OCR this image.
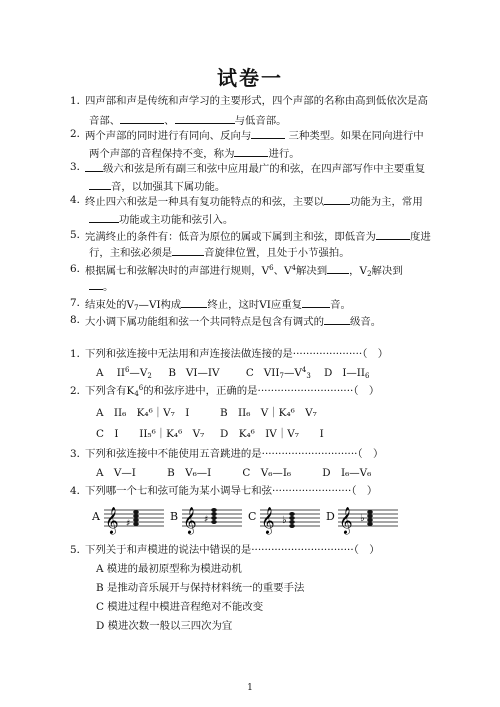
试卷一
1．
四声部和声是传统和声学习的主要形式，四个声部的名称由高到低依次是高
音部、	、	与低音部。
2．
两个声部的同时进行有同向、反向与	三种类型。如果在同向进行中
两个声部的音程保持不变，称为	进行。
3． 级六和弦是所有副三和弦中应用最广的和弦，在四声部写作中主要重复
音，以加强其下属功能。
4．
终止四六和弦是一种具有复功能特点的和弦，主要以	功能为主，常用
功能或主功能和弦引入。
5．
完满终止的条件有：低音为原位的属或下属到主和弦，即低音为	度进
行，主和弦必须是	音旋律位置，且处于小节强拍。
6．
根据属七和弦解决时的声部进行规则，$V^6$、$V^4$解决到 ，$V_2$解决到
。
7．
结束处的$V_7—VI$构成	终止，这时VI应重复	音。
8．
大小调下属功能组和弦一个共同特点是包含有调式的	级音。
1．
下列和弦连接中无法用和声连接法做连接的是·····················（　）
A $II^6—V_2$ B VI—IV	C $VII_7—V^4_3$ D $I—II_6$
2．
下列含有$K_4^6$的和弦序进中，正确的是·····························（　）
A　II₆　K₄⁶｜V₇　I	B　II₆　V｜K₄⁶　V₇
C　I　　II₅⁶｜K₄⁶　V₇ D　K₄⁶　IV｜V₇　　I
3．
下列和弦连接中不能使用五音跳进的是·····························（　）
A　V—I　　　B　V₆—I　　　C　V₆—I₆　　　D　I₆—V₆
4．
下列哪一个七和弦可能为某小调导七和弦························（　）
A 𝄞 ♯
B 𝄞 ♯	C 𝄞 ♭	D 𝄞 ♭
5．
下列关于和声模进的说法中错误的是·······························（　）
A 模进的最初原型称为模进动机
B 是推动音乐展开与保持材料统一的重要手法
C 模进过程中模进音程绝对不能改变
D 模进次数一般以三四次为宜
1
